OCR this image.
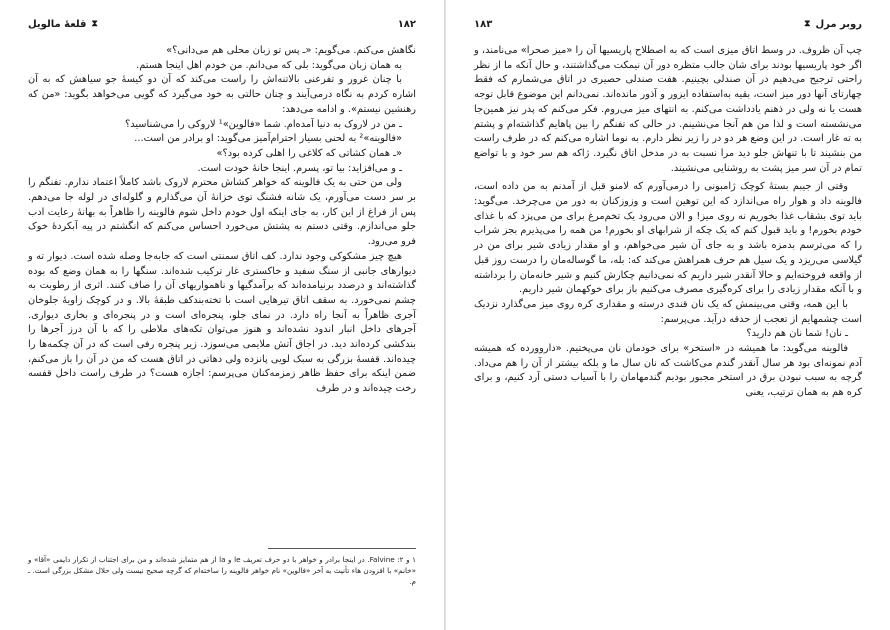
۱۸۲
⧗
قلعهٔ مالویل

نگاهش می‌کنم. می‌گویم: «ـ پس تو زبان محلی هم می‌دانی؟»

به همان زبان می‌گوید: بلی که می‌دانم. من خودم اهل اینجا هستم.

با چنان غرور و تفرعنی بالاتنه‌اش را راست می‌کند که آن دو کیسهٔ جو سیاهش که به آن اشاره کردم به نگاه درمی‌آیند و چنان حالتی به خود می‌گیرد که گویی می‌خواهد بگوید: «من که رهنشین نیستم». و ادامه می‌دهد:

ـ من در لاروک به دنیا آمده‌ام. شما «فالوین»¹ لاروکی را می‌شناسید؟

«فالوینه»² به لحنی بسیار احترام‌آمیز می‌گوید: او برادر من است...

«ـ همان کشاتی که کلاغی را اهلی کرده بود؟»

ـ و می‌افزاید: بیا تو، پسرم. اینجا خانهٔ خودت است.

ولی من حتی به یک فالوینه که خواهر کشاش محترم لاروک باشد کاملاً اعتماد ندارم. تفنگم را بر سر دست می‌آورم، یک شانه فشنگ توی خزانهٔ آن می‌گذارم و گلوله‌ای در لوله جا می‌دهم. پس از فراغ از این کار، به جای اینکه اول خودم داخل شوم فالوینه را ظاهراً به بهانهٔ رعایت ادب جلو می‌اندازم. وقتی دستم به پشتش می‌خورد احساس می‌کنم که انگشتم در پیه آبکردهٔ خوک فرو می‌رود.

هیچ چیز مشکوکی وجود ندارد. کف اتاق سمنتی است که جابه‌جا وصله شده است. دیوار ته و دیوارهای جانبی از سنگ سفید و خاکستری غار ترکیب شده‌اند. سنگها را به همان وضع که بوده گذاشته‌اند و درصدد برنیامده‌اند که برآمدگیها و ناهمواریهای آن را صاف کنند. اثری از رطوبت به چشم نمی‌خورد. به سقف اتاق تیرهایی است با تخته‌بندکف طبقهٔ بالا. و در کوچک زاویهٔ جلوخان آجری ظاهراً به آنجا راه دارد. در نمای جلو، پنجره‌ای است و در پنجره‌ای و بخاری دیواری. آجرهای داخل انبار اندود نشده‌اند و هنوز می‌توان تکه‌های ملاطی را که با آن درز آجرها را بندکشی کرده‌اند دید. در اجاق آتش ملایمی می‌سوزد. زیر پنجره رفی است که در آن چکمه‌ها را چیده‌اند. قفسهٔ بزرگی به سبک لویی پانزده ولی دهاتی در اتاق هست که من در آن را باز می‌کنم، ضمن اینکه برای حفظ ظاهر زمزمه‌کنان می‌پرسم: اجازه هست؟ در طرف راست داخل قفسه رخت چیده‌اند و در طرف

۱ و ۲: Falvine. در اینجا برادر و خواهر با دو حرف تعریف le و la از هم متمایز شده‌اند و من برای اجتناب از تکرار دایمی «آقا» و «خانم» با افزودن هاء تأنیث به آخر «فالوین» نام خواهر فالوینه را ساخته‌ام که گرچه صحیح نیست ولی حلال مشکل بزرگی است. ـ م.
روبر مرل
⧗
۱۸۳

چپ آن ظروف. در وسط اتاق میزی است که به اصطلاح پاریسیها آن را «میز صحرا» می‌نامند، و اگر خود پاریسیها بودند برای شان جالب متظره دور آن نیمکت می‌گذاشتند، و حال آنکه ما از نظر راحتی ترجیح می‌دهیم در آن صندلی بچینیم. هفت صندلی حصیری در اتاق می‌شمارم که فقط چهارتای آنها دور میز است، بقیه به‌استفاده ایزور و آذور مانده‌اند. نمی‌دانم این موضوع قابل توجه هست یا نه ولی در ذهنم یادداشت می‌کنم. به انتهای میز می‌روم. فکر می‌کنم که پدر نیز همین‌جا می‌نشسته است و لذا من هم آنجا می‌نشینم. در حالی که تفنگم را بین پاهایم گذاشته‌ام و پشتم به ته غار است. در این وضع هر دو در را زیر نظر دارم. به نوما اشاره می‌کنم که در طرف راست من بنشیند تا با تنهاش جلو دید مرا نسبت به در مدخل اتاق نگیرد. ژاکه هم سر خود و با تواضع تمام در آن سر میز پشت به روشنایی می‌نشیند.

وقتی از جیبم بستهٔ کوچک ژامبونی را درمی‌آورم که لامنو قبل از آمدنم به من داده است، فالوینه داد و هوار راه می‌اندازد که این توهین است و وزوزکنان به دور من می‌چرخد. می‌گوید: باید توی بشقاب غذا بخوریم نه روی میز! و الان می‌رود یک تخم‌مرغ برای من می‌پزد که با غذای خودم بخورم! و باید قبول کنم که یک چکه از شرابهای او بخورم! من همه را می‌پذیرم بجز شراب را که می‌ترسم بدمزه باشد و به جای آن شیر می‌خواهم، و او مقدار زیادی شیر برای من در گیلاسی می‌ریزد و یک سیل هم حرف همراهش می‌کند که: بله، ما گوساله‌مان را درست روز قبل از واقعه فروخته‌ایم و حالا آنقدر شیر داریم که نمی‌دانیم چکارش کنیم و شیر خانه‌مان را برداشته و با آنکه مقدار زیادی را برای کره‌گیری مصرف می‌کنیم باز برای خوکهمان شیر داریم.

با این همه، وقتی می‌بینمش که یک نان قندی درسته و مقداری کره روی میز می‌گذارد نزدیک است چشمهایم از تعجب از حدقه درآید. می‌پرسم:

ـ نان! شما نان هم دارید؟

فالوینه می‌گوید: ما همیشه در «استخر» برای خودمان نان می‌پختیم. «داروورده که همیشه آدم نمونه‌ای بود هر سال آنقدر گندم می‌کاشت که نان سال ما و بلکه بیشتر از آن را هم می‌داد. گرچه به سبب نبودن برق در استخر مجبور بودیم گندمهامان را با آسیاب دستی آرد کنیم، و برای کره هم به همان ترتیب، یعنی
